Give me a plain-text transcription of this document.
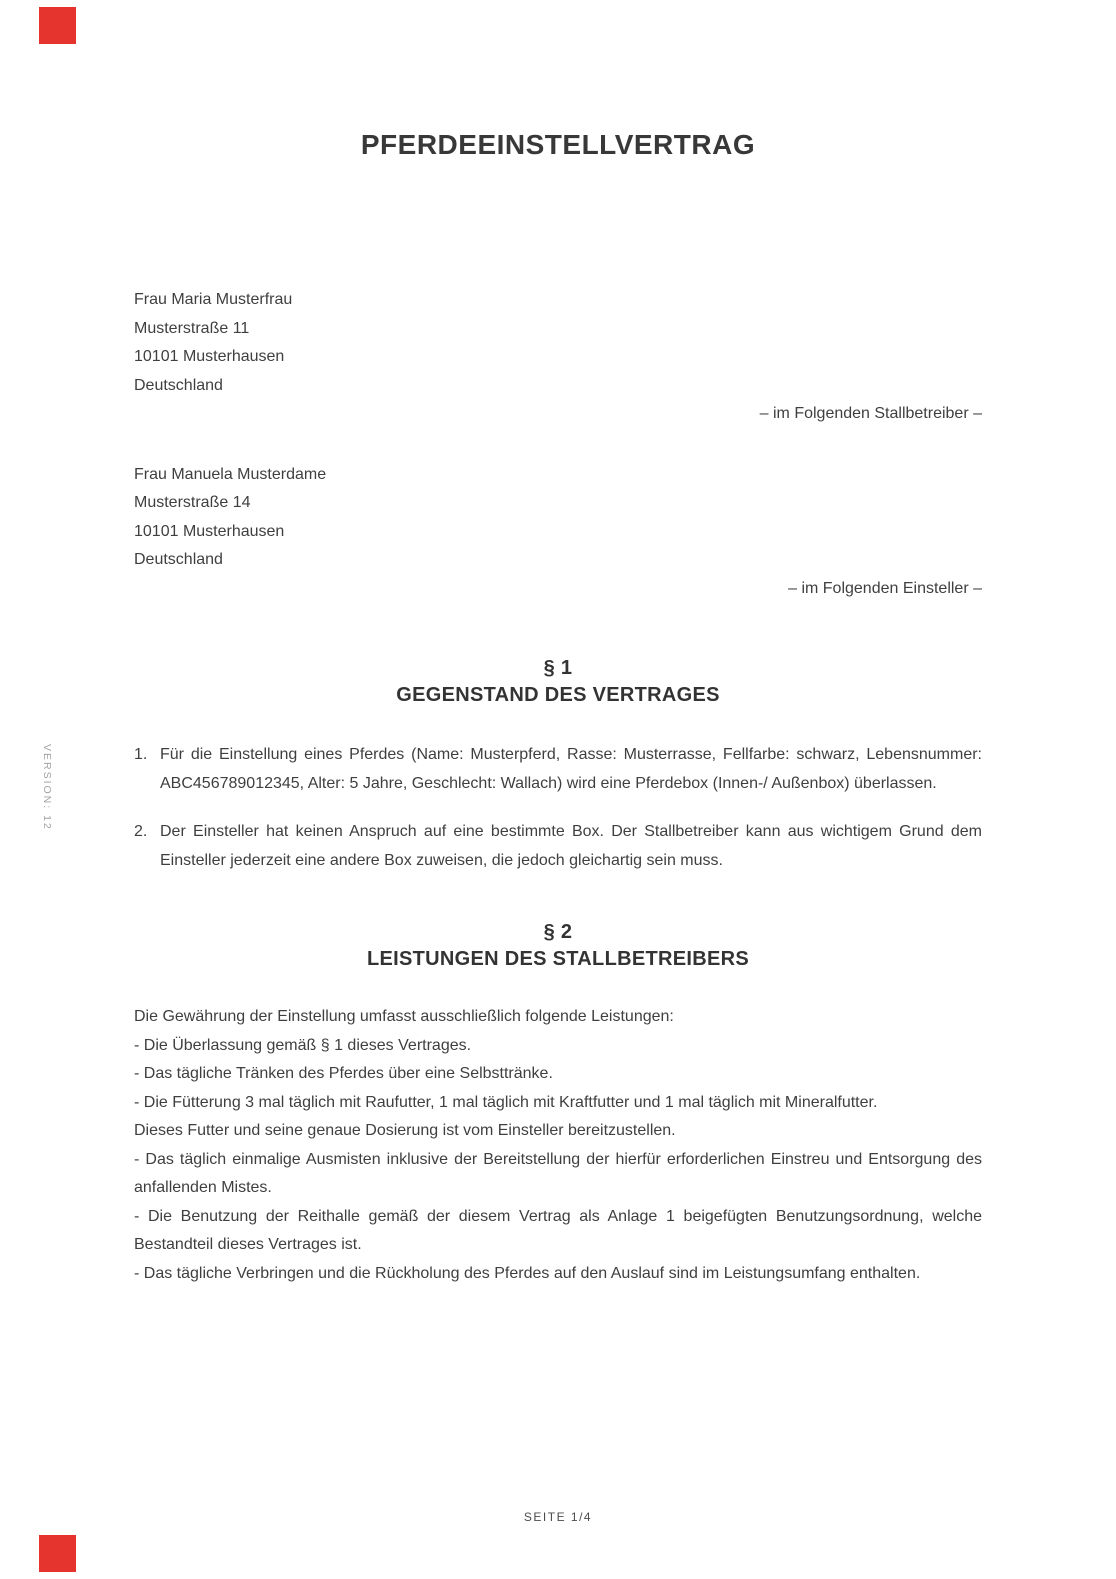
VERSION: 12
PFERDEEINSTELLVERTRAG
Frau Maria Musterfrau
Musterstraße 11
10101 Musterhausen
Deutschland
– im Folgenden Stallbetreiber –
Frau Manuela Musterdame
Musterstraße 14
10101 Musterhausen
Deutschland
– im Folgenden Einsteller –
§ 1
GEGENSTAND DES VERTRAGES
1. Für die Einstellung eines Pferdes (Name: Musterpferd, Rasse: Musterrasse, Fellfarbe: schwarz, Lebensnummer: ABC456789012345, Alter: 5 Jahre, Geschlecht: Wallach) wird eine Pferdebox (Innen-/ Außenbox) überlassen.
2. Der Einsteller hat keinen Anspruch auf eine bestimmte Box. Der Stallbetreiber kann aus wichtigem Grund dem Einsteller jederzeit eine andere Box zuweisen, die jedoch gleichartig sein muss.
§ 2
LEISTUNGEN DES STALLBETREIBERS
Die Gewährung der Einstellung umfasst ausschließlich folgende Leistungen:
- Die Überlassung gemäß § 1 dieses Vertrages.
- Das tägliche Tränken des Pferdes über eine Selbsttränke.
- Die Fütterung 3 mal täglich mit Raufutter, 1 mal täglich mit Kraftfutter und 1 mal täglich mit Mineralfutter.
Dieses Futter und seine genaue Dosierung ist vom Einsteller bereitzustellen.
- Das täglich einmalige Ausmisten inklusive der Bereitstellung der hierfür erforderlichen Einstreu und Entsorgung des anfallenden Mistes.
- Die Benutzung der Reithalle gemäß der diesem Vertrag als Anlage 1 beigefügten Benutzungsordnung, welche Bestandteil dieses Vertrages ist.
- Das tägliche Verbringen und die Rückholung des Pferdes auf den Auslauf sind im Leistungsumfang enthalten.
SEITE 1/4
